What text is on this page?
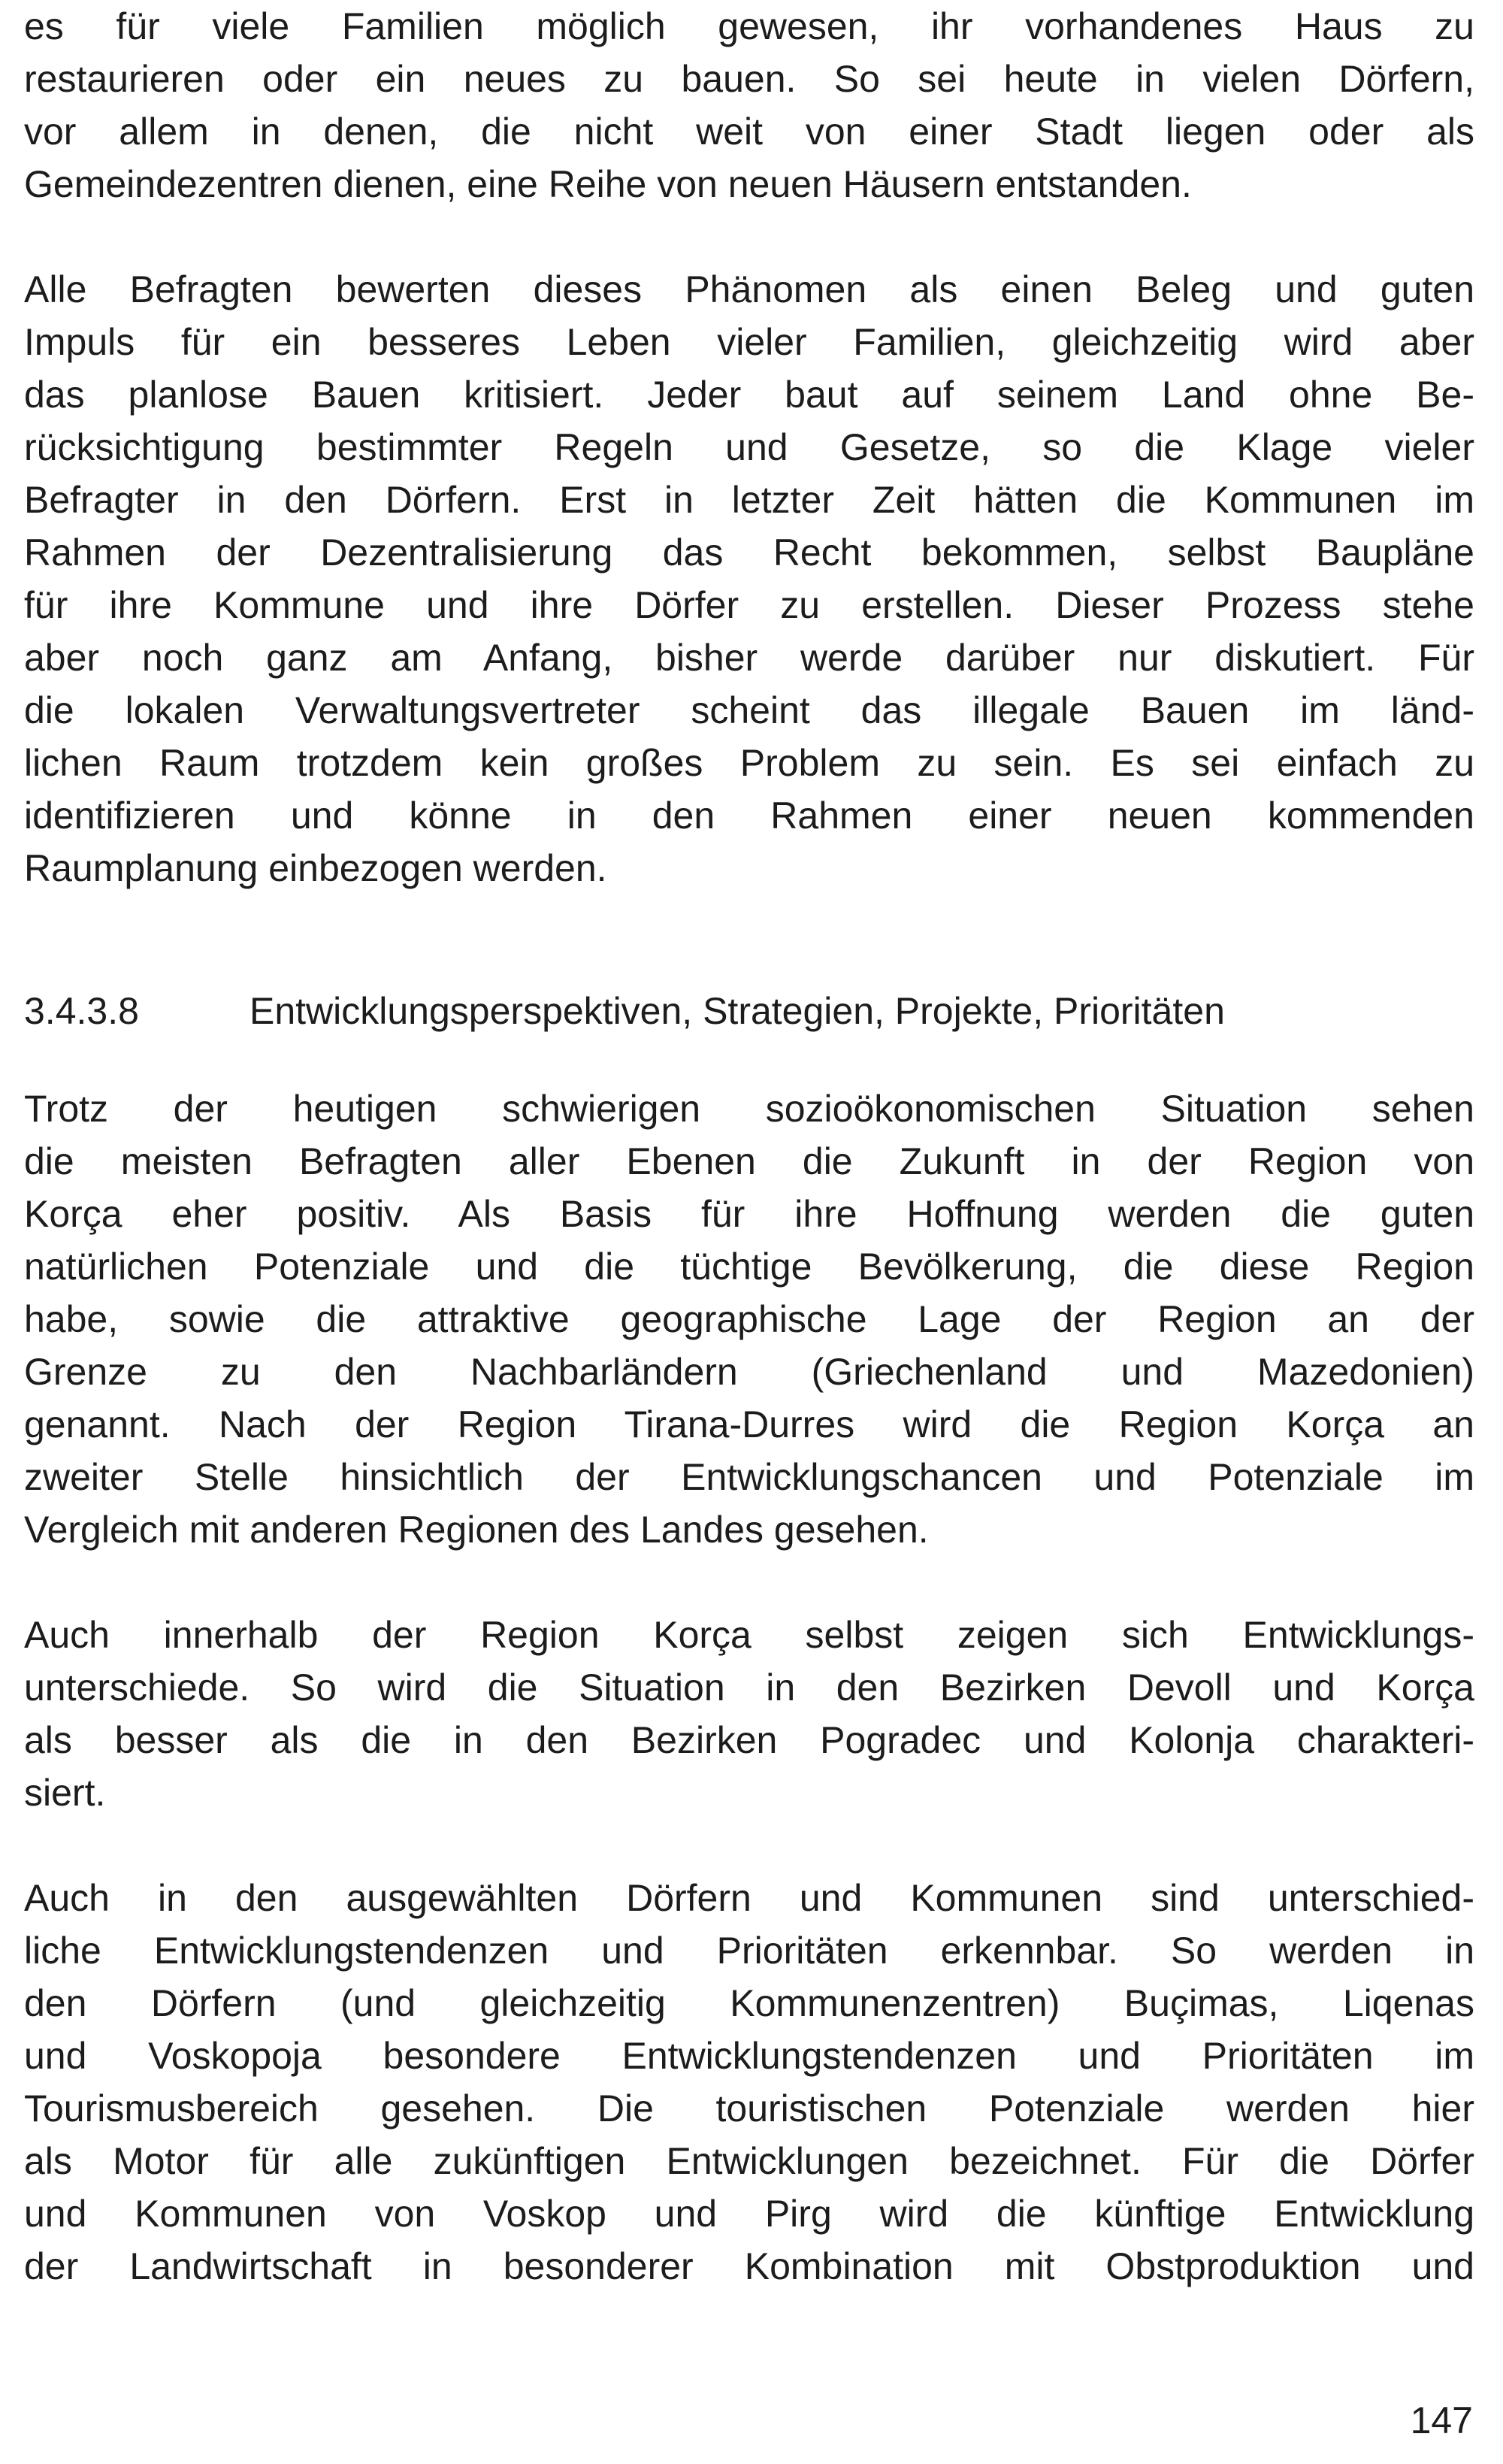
es für viele Familien möglich gewesen, ihr vorhandenes Haus zu
restaurieren oder ein neues zu bauen. So sei heute in vielen Dörfern,
vor allem in denen, die nicht weit von einer Stadt liegen oder als
Gemeindezentren dienen, eine Reihe von neuen Häusern entstanden.
Alle Befragten bewerten dieses Phänomen als einen Beleg und guten
Impuls für ein besseres Leben vieler Familien, gleichzeitig wird aber
das planlose Bauen kritisiert. Jeder baut auf seinem Land ohne Be-
rücksichtigung bestimmter Regeln und Gesetze, so die Klage vieler
Befragter in den Dörfern. Erst in letzter Zeit hätten die Kommunen im
Rahmen der Dezentralisierung das Recht bekommen, selbst Baupläne
für ihre Kommune und ihre Dörfer zu erstellen. Dieser Prozess stehe
aber noch ganz am Anfang, bisher werde darüber nur diskutiert. Für
die lokalen Verwaltungsvertreter scheint das illegale Bauen im länd-
lichen Raum trotzdem kein großes Problem zu sein. Es sei einfach zu
identifizieren und könne in den Rahmen einer neuen kommenden
Raumplanung einbezogen werden.
3.4.3.8	Entwicklungsperspektiven, Strategien, Projekte, Prioritäten
Trotz der heutigen schwierigen sozioökonomischen Situation sehen
die meisten Befragten aller Ebenen die Zukunft in der Region von
Korça eher positiv. Als Basis für ihre Hoffnung werden die guten
natürlichen Potenziale und die tüchtige Bevölkerung, die diese Region
habe, sowie die attraktive geographische Lage der Region an der
Grenze zu den Nachbarländern (Griechenland und Mazedonien)
genannt. Nach der Region Tirana-Durres wird die Region Korça an
zweiter Stelle hinsichtlich der Entwicklungschancen und Potenziale im
Vergleich mit anderen Regionen des Landes gesehen.
Auch innerhalb der Region Korça selbst zeigen sich Entwicklungs-
unterschiede. So wird die Situation in den Bezirken Devoll und Korça
als besser als die in den Bezirken Pogradec und Kolonja charakteri-
siert.
Auch in den ausgewählten Dörfern und Kommunen sind unterschied-
liche Entwicklungstendenzen und Prioritäten erkennbar. So werden in
den Dörfern (und gleichzeitig Kommunenzentren) Buçimas, Liqenas
und Voskopoja besondere Entwicklungstendenzen und Prioritäten im
Tourismusbereich gesehen. Die touristischen Potenziale werden hier
als Motor für alle zukünftigen Entwicklungen bezeichnet. Für die Dörfer
und Kommunen von Voskop und Pirg wird die künftige Entwicklung
der Landwirtschaft in besonderer Kombination mit Obstproduktion und
147
